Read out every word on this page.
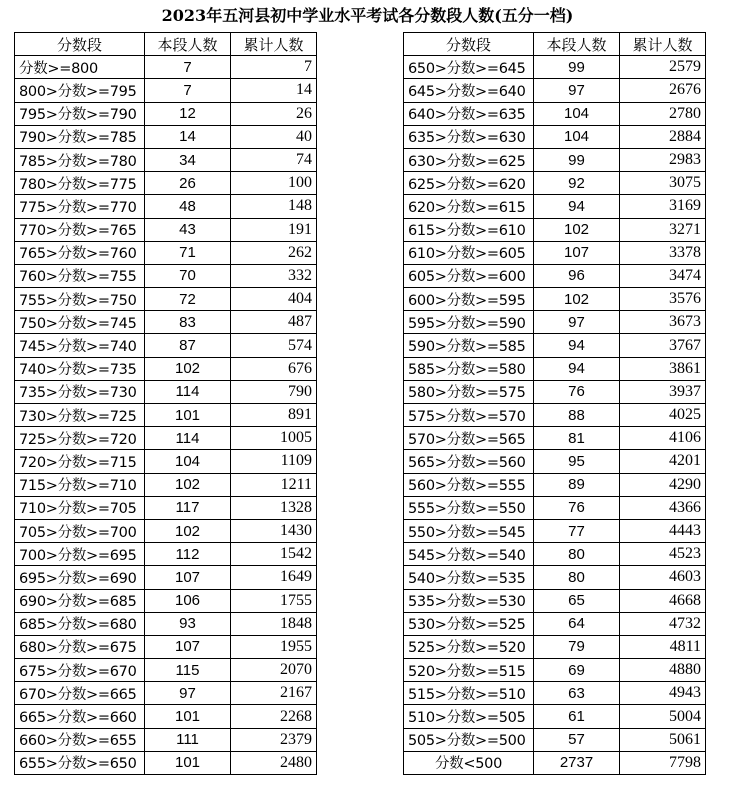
2023年五河县初中学业水平考试各分数段人数(五分一档)
分数段	本段人数	累计人数
分数>=800	7	7
800>分数>=795	7	14
795>分数>=790	12	26
790>分数>=785	14	40
785>分数>=780	34	74
780>分数>=775	26	100
775>分数>=770	48	148
770>分数>=765	43	191
765>分数>=760	71	262
760>分数>=755	70	332
755>分数>=750	72	404
750>分数>=745	83	487
745>分数>=740	87	574
740>分数>=735	102	676
735>分数>=730	114	790
730>分数>=725	101	891
725>分数>=720	114	1005
720>分数>=715	104	1109
715>分数>=710	102	1211
710>分数>=705	117	1328
705>分数>=700	102	1430
700>分数>=695	112	1542
695>分数>=690	107	1649
690>分数>=685	106	1755
685>分数>=680	93	1848
680>分数>=675	107	1955
675>分数>=670	115	2070
670>分数>=665	97	2167
665>分数>=660	101	2268
660>分数>=655	111	2379
655>分数>=650	101	2480
分数段	本段人数	累计人数
650>分数>=645	99	2579
645>分数>=640	97	2676
640>分数>=635	104	2780
635>分数>=630	104	2884
630>分数>=625	99	2983
625>分数>=620	92	3075
620>分数>=615	94	3169
615>分数>=610	102	3271
610>分数>=605	107	3378
605>分数>=600	96	3474
600>分数>=595	102	3576
595>分数>=590	97	3673
590>分数>=585	94	3767
585>分数>=580	94	3861
580>分数>=575	76	3937
575>分数>=570	88	4025
570>分数>=565	81	4106
565>分数>=560	95	4201
560>分数>=555	89	4290
555>分数>=550	76	4366
550>分数>=545	77	4443
545>分数>=540	80	4523
540>分数>=535	80	4603
535>分数>=530	65	4668
530>分数>=525	64	4732
525>分数>=520	79	4811
520>分数>=515	69	4880
515>分数>=510	63	4943
510>分数>=505	61	5004
505>分数>=500	57	5061
分数<500	2737	7798
